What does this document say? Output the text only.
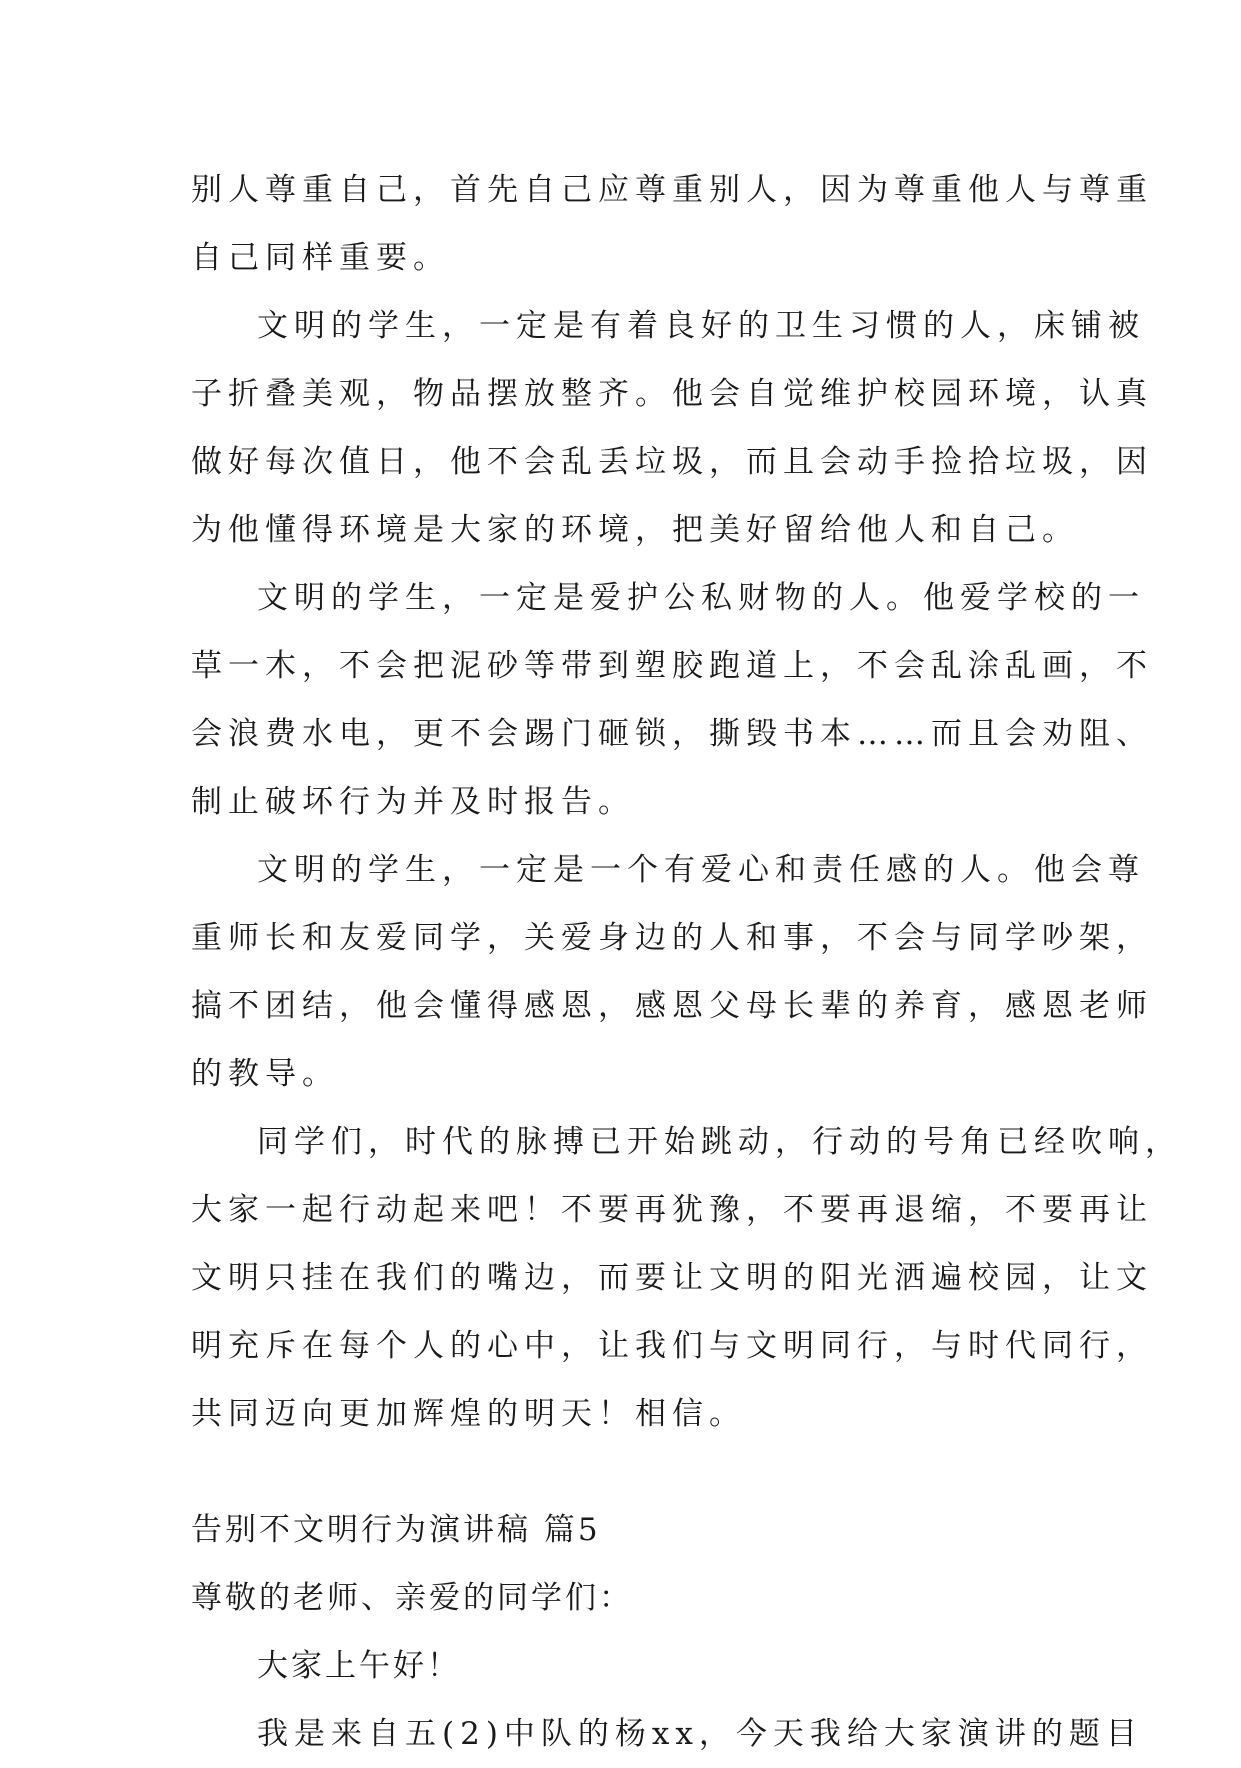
别人尊重自己，首先自己应尊重别人，因为尊重他人与尊重
自己同样重要。
文明的学生，一定是有着良好的卫生习惯的人，床铺被
子折叠美观，物品摆放整齐。他会自觉维护校园环境，认真
做好每次值日，他不会乱丢垃圾，而且会动手捡拾垃圾，因
为他懂得环境是大家的环境，把美好留给他人和自己。
文明的学生，一定是爱护公私财物的人。他爱学校的一
草一木，不会把泥砂等带到塑胶跑道上，不会乱涂乱画，不
会浪费水电，更不会踢门砸锁，撕毁书本……而且会劝阻、
制止破坏行为并及时报告。
文明的学生，一定是一个有爱心和责任感的人。他会尊
重师长和友爱同学，关爱身边的人和事，不会与同学吵架，
搞不团结，他会懂得感恩，感恩父母长辈的养育，感恩老师
的教导。
同学们，时代的脉搏已开始跳动，行动的号角已经吹响，
大家一起行动起来吧！不要再犹豫，不要再退缩，不要再让
文明只挂在我们的嘴边，而要让文明的阳光洒遍校园，让文
明充斥在每个人的心中，让我们与文明同行，与时代同行，
共同迈向更加辉煌的明天！相信。
告别不文明行为演讲稿 篇5
尊敬的老师、亲爱的同学们：
大家上午好！
我是来自五(2)中队的杨xx，今天我给大家演讲的题目
